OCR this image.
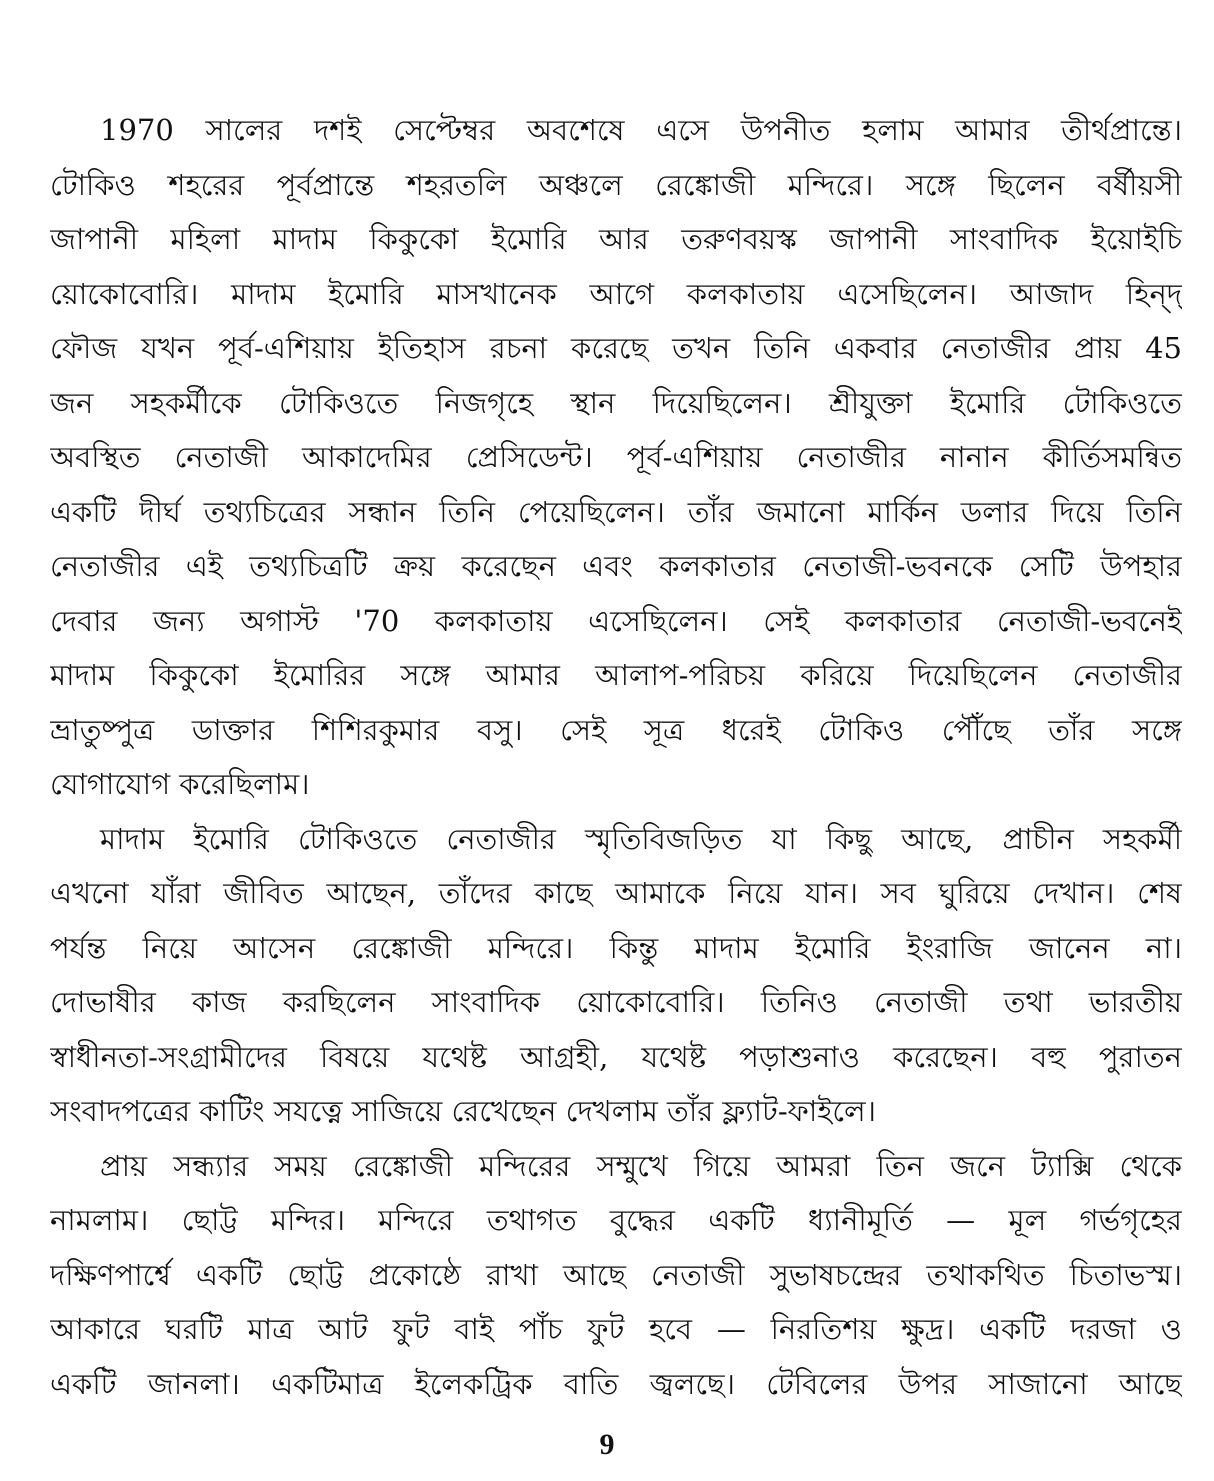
1970 সালের দশই সেপ্টেম্বর অবশেষে এসে উপনীত হলাম আমার তীর্থপ্রান্তে।
টোকিও শহরের পূর্বপ্রান্তে শহরতলি অঞ্চলে রেঙ্কোজী মন্দিরে। সঙ্গে ছিলেন বর্ষীয়সী
জাপানী মহিলা মাদাম কিকুকো ইমোরি আর তরুণবয়স্ক জাপানী সাংবাদিক ইয়োইচি
য়োকোবোরি। মাদাম ইমোরি মাসখানেক আগে কলকাতায় এসেছিলেন। আজাদ হিন্দ্
ফৌজ যখন পূর্ব-এশিয়ায় ইতিহাস রচনা করেছে তখন তিনি একবার নেতাজীর প্রায় 45
জন সহকর্মীকে টোকিওতে নিজগৃহে স্থান দিয়েছিলেন। শ্রীযুক্তা ইমোরি টোকিওতে
অবস্থিত নেতাজী আকাদেমির প্রেসিডেন্ট। পূর্ব-এশিয়ায় নেতাজীর নানান কীর্তিসমন্বিত
একটি দীর্ঘ তথ্যচিত্রের সন্ধান তিনি পেয়েছিলেন। তাঁর জমানো মার্কিন ডলার দিয়ে তিনি
নেতাজীর এই তথ্যচিত্রটি ক্রয় করেছেন এবং কলকাতার নেতাজী-ভবনকে সেটি উপহার
দেবার জন্য অগাস্ট '70 কলকাতায় এসেছিলেন। সেই কলকাতার নেতাজী-ভবনেই
মাদাম কিকুকো ইমোরির সঙ্গে আমার আলাপ-পরিচয় করিয়ে দিয়েছিলেন নেতাজীর
ভ্রাতুষ্পুত্র ডাক্তার শিশিরকুমার বসু। সেই সূত্র ধরেই টোকিও পৌঁছে তাঁর সঙ্গে
যোগাযোগ করেছিলাম।
মাদাম ইমোরি টোকিওতে নেতাজীর স্মৃতিবিজড়িত যা কিছু আছে, প্রাচীন সহকর্মী
এখনো যাঁরা জীবিত আছেন, তাঁদের কাছে আমাকে নিয়ে যান। সব ঘুরিয়ে দেখান। শেষ
পর্যন্ত নিয়ে আসেন রেঙ্কোজী মন্দিরে। কিন্তু মাদাম ইমোরি ইংরাজি জানেন না।
দোভাষীর কাজ করছিলেন সাংবাদিক য়োকোবোরি। তিনিও নেতাজী তথা ভারতীয়
স্বাধীনতা-সংগ্রামীদের বিষয়ে যথেষ্ট আগ্রহী, যথেষ্ট পড়াশুনাও করেছেন। বহু পুরাতন
সংবাদপত্রের কাটিং সযত্নে সাজিয়ে রেখেছেন দেখলাম তাঁর ফ্ল্যাট-ফাইলে।
প্রায় সন্ধ্যার সময় রেঙ্কোজী মন্দিরের সম্মুখে গিয়ে আমরা তিন জনে ট্যাক্সি থেকে
নামলাম। ছোট্ট মন্দির। মন্দিরে তথাগত বুদ্ধের একটি ধ্যানীমূর্তি — মূল গর্ভগৃহের
দক্ষিণপার্শ্বে একটি ছোট্ট প্রকোষ্ঠে রাখা আছে নেতাজী সুভাষচন্দ্রের তথাকথিত চিতাভস্ম।
আকারে ঘরটি মাত্র আট ফুট বাই পাঁচ ফুট হবে — নিরতিশয় ক্ষুদ্র। একটি দরজা ও
একটি জানলা। একটিমাত্র ইলেকট্রিক বাতি জ্বলছে। টেবিলের উপর সাজানো আছে
9
